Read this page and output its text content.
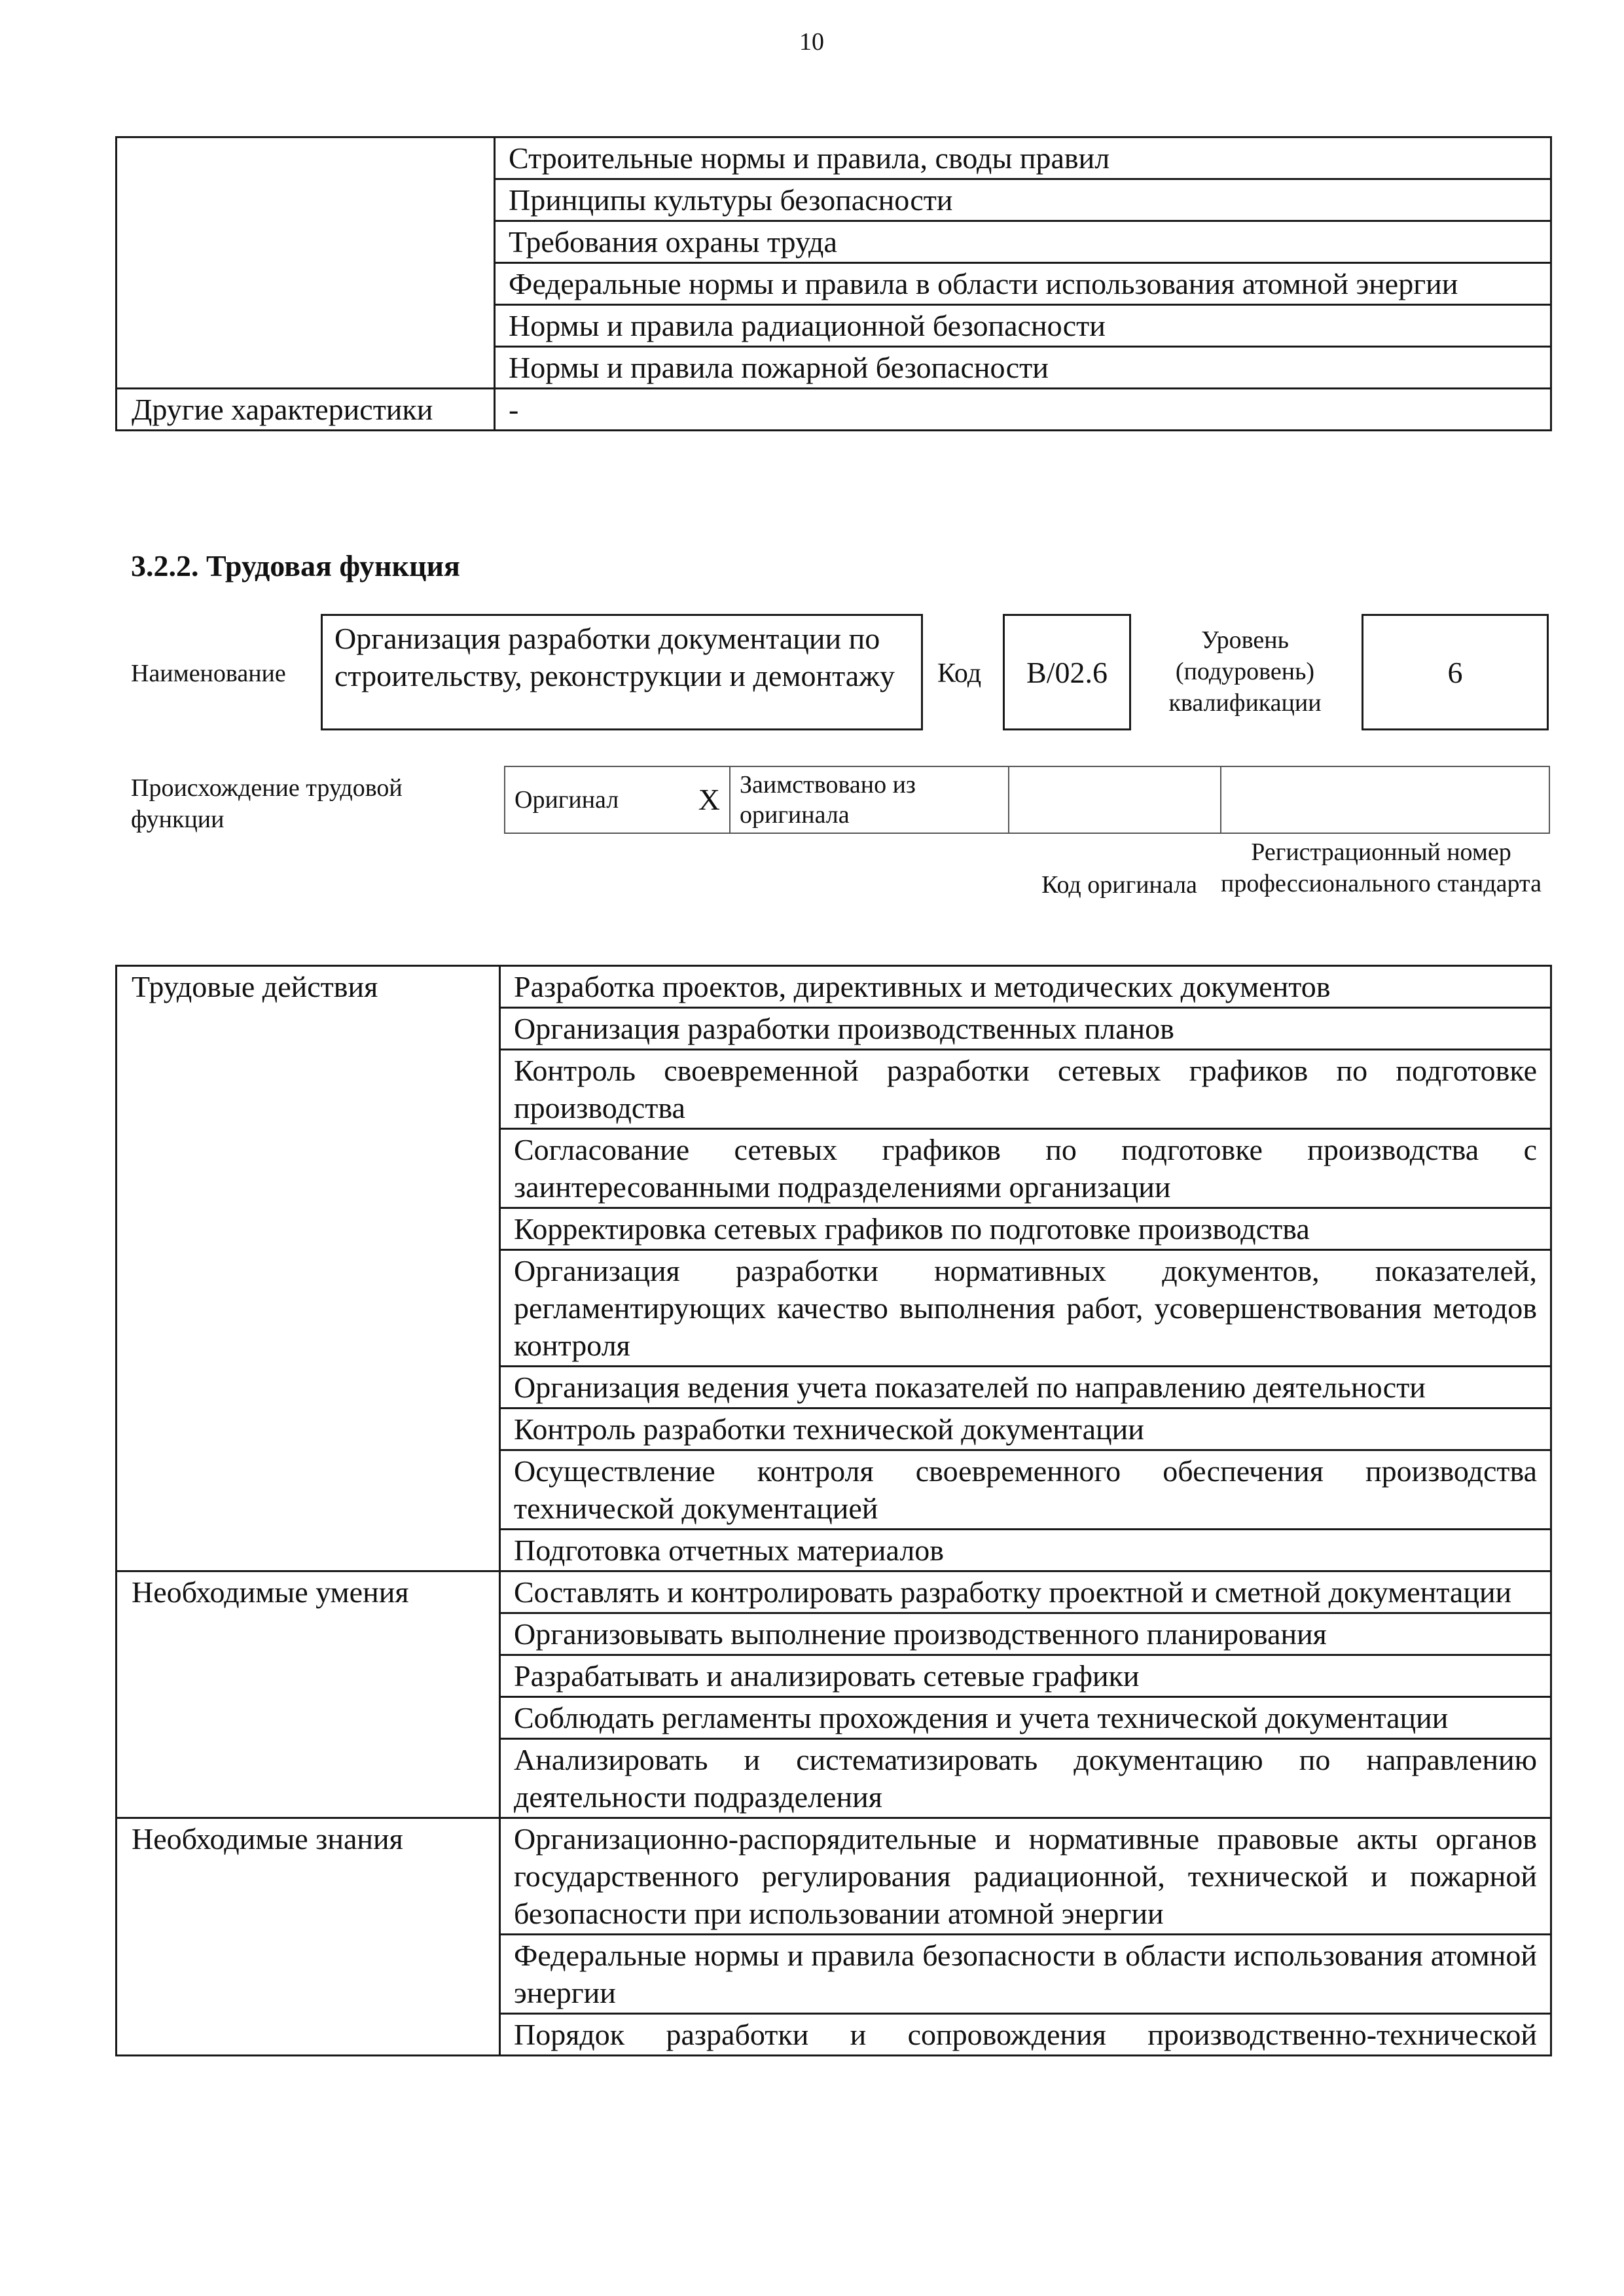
10
	Строительные нормы и правила, своды правил
	Принципы культуры безопасности
	Требования охраны труда
	Федеральные нормы и правила в области использования атомной энергии
	Нормы и правила радиационной безопасности
	Нормы и правила пожарной безопасности
Другие характеристики	-
3.2.2. Трудовая функция
Наименование
Организация разработки документации по строительству, реконструкции и демонтажу	Код	B/02.6
Уровень (подуровень) квалификации
6
Происхождение трудовой функции
Оригинал	X	Заимствовано из оригинала		
Код оригинала
Регистрационный номер профессионального стандарта
Трудовые действия	Разработка проектов, директивных и методических документов
	Организация разработки производственных планов
	Контроль своевременной разработки сетевых графиков по подготовке производства
	Согласование сетевых графиков по подготовке производства с заинтересованными подразделениями организации
	Корректировка сетевых графиков по подготовке производства
	Организация разработки нормативных документов, показателей, регламентирующих качество выполнения работ, усовершенствования методов контроля
	Организация ведения учета показателей по направлению деятельности
	Контроль разработки технической документации
	Осуществление контроля своевременного обеспечения производства технической документацией
	Подготовка отчетных материалов
Необходимые умения	Составлять и контролировать разработку проектной и сметной документации
	Организовывать выполнение производственного планирования
	Разрабатывать и анализировать сетевые графики
	Соблюдать регламенты прохождения и учета технической документации
	Анализировать и систематизировать документацию по направлению деятельности подразделения
Необходимые знания	Организационно-распорядительные и нормативные правовые акты органов государственного регулирования радиационной, технической и пожарной безопасности при использовании атомной энергии
	Федеральные нормы и правила безопасности в области использования атомной энергии
	Порядок разработки и сопровождения производственно-технической
